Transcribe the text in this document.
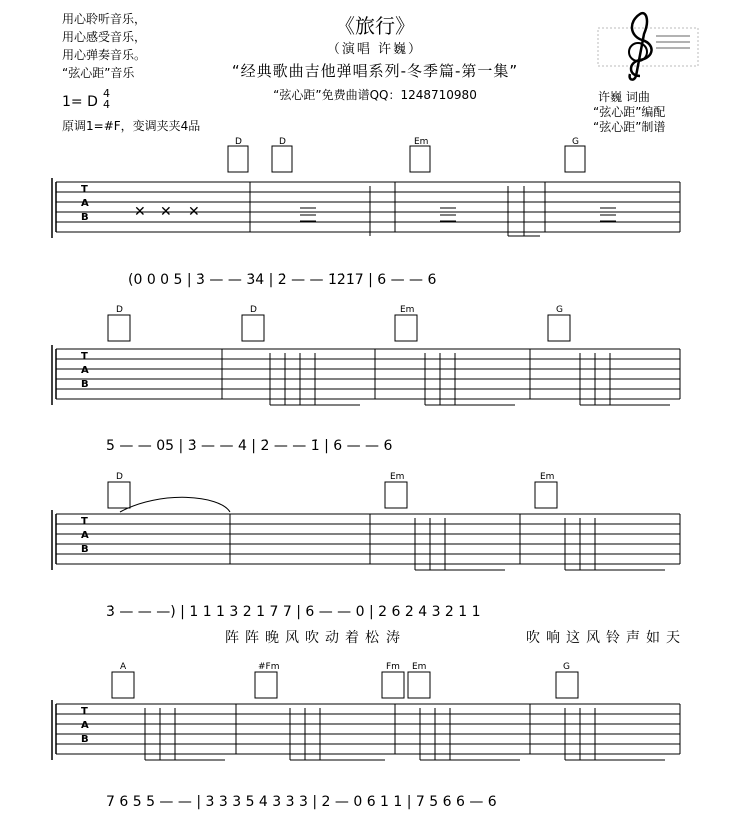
用心聆听音乐，
用心感受音乐，
用心弹奏音乐。
“弦心距”音乐
《旅行》
（演唱 许巍）
“经典歌曲吉他弹唱系列-冬季篇-第一集”
“弦心距”免费曲谱QQ：1248710980
1= D
4
4
原调1=#F，变调夹夹4品
许巍 词曲
“弦心距”编配
“弦心距”制谱
✕ ✕ ✕
T
A
B
T
A
B
T
A
B
T
A
B
D	D	Em	G
D	D	Em	G
D	Em	Em
A	#Fm	Fm Em	G
(0 0 0 5 | 3̇ — — 3̇4̇ | 2̇ — — 1̇2̇1̇7 | 6 — — 6
5 — — 05 | 3̇ — — 4̇ | 2̇ — — 1̇ | 6 — — 6
3̇ — — —) | 1 1 1 3 2 1 7 7 | 6 — — 0 | 2 6 2 4 3 2 1 1
阵阵晚风吹动着松 涛	吹响这风铃声如天
7 6 5 5 — — | 3 3 3 5 4 3 3 3 | 2 — 0 6 1 1 | 7 5 6 6 — 6
